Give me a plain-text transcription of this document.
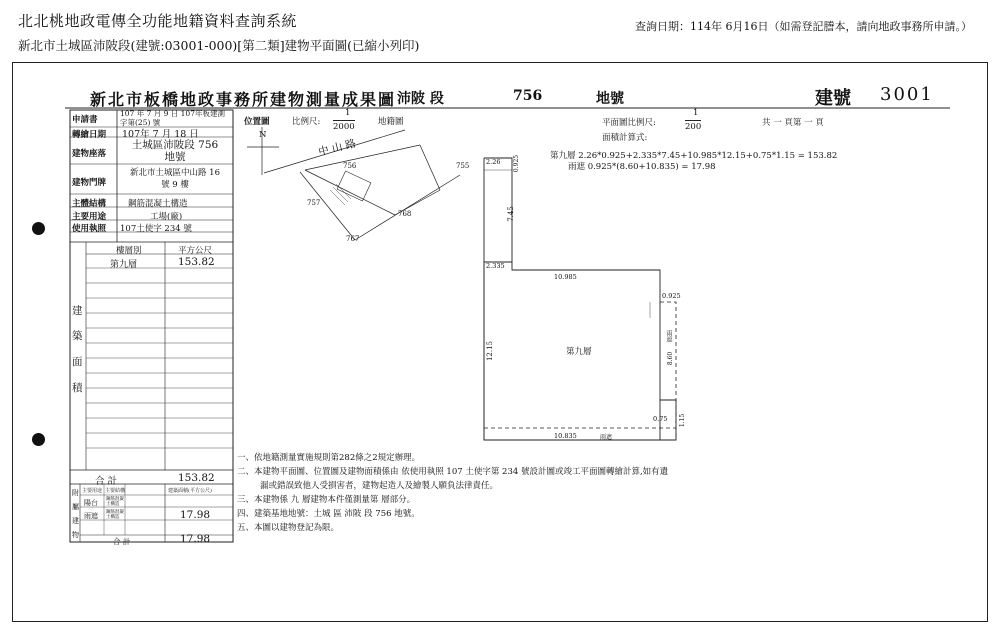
北北桃地政電傳全功能地籍資料查詢系統
新北市土城區沛陂段(建號:03001-000)[第二類]建物平面圖(已縮小列印)
查詢日期：114年 6月16日（如需登記謄本，請向地政事務所申請。）
新北市板橋地政事務所建物測量成果圖 沛陂 段	756	地號	建號 3001
申請書
107 年 7 月 9 日 107年板建測字第(25) 號
轉繪日期 107年 7 月 18 日
建物座落
土城區沛陂段 756 地號
建物門牌
新北市土城區中山路 16 號 9 樓
主體結構	鋼筋混凝土構造
主要用途	工場(廠)
使用執照 107土使字 234 號
樓層別	平方公尺
第九層	153.82
建
築
面
積
合 計	153.82
附
屬
建
物
主要用途 主要結構	建築面積(平方公尺)
陽台 鋼筋混凝土構造
雨遮 鋼筋混凝土構造	17.98
合 計	17.98
位置圖	比例尺:
1
2000	地籍圖
N
中 山 路
756	755
757
768
767
平面圖比例尺:
1
200	共 一 頁第 一 頁
面積計算式:
第九層 2.26*0.925+2.335*7.45+10.985*12.15+0.75*1.15 = 153.82
雨遮 0.925*(8.60+10.835) = 17.98
2.26 0.925
7.45
2.335
10.985
0.925
12.15
0.75 1.15
10.835
8.60
第九層
雨遮
雨遮
一、依地籍測量實施規則第282條之2規定辦理。
二、本建物平面圖、位置圖及建物面積係由 依使用執照 107 土使字第 234 號設計圖或竣工平面圖轉繪計算,如有遺
漏或錯誤致他人受損害者，建物起造人及繪製人願負法律責任。
三、本建物係 九 層建物本件僅測量第 層部分。
四、建築基地地號：土城 區 沛陂 段 756 地號。
五、本圖以建物登記為限。
